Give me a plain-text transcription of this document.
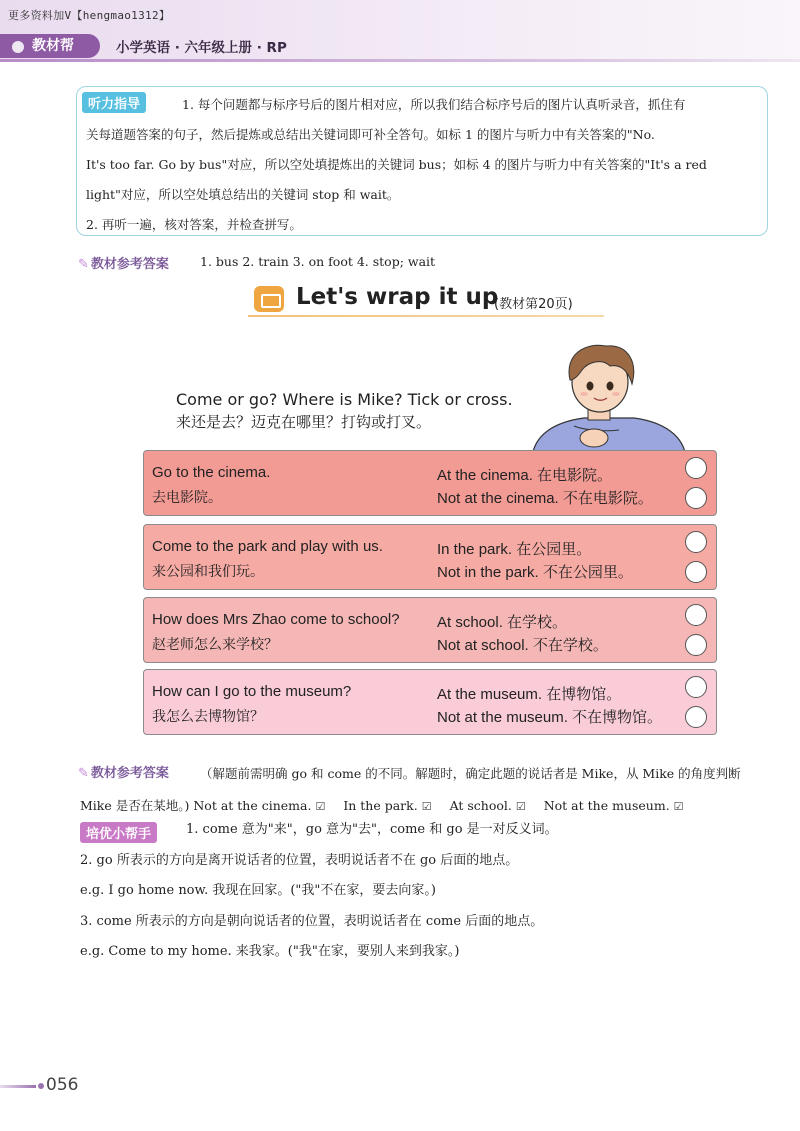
更多资料加V【hengmao1312】
教材帮	小学英语 · 六年级上册 · RP
1. 每个问题都与标序号后的图片相对应，所以我们结合标序号后的图片认真听录音，抓住有
关每道题答案的句子，然后提炼或总结出关键词即可补全答句。如标 1 的图片与听力中有关答案的"No.
It's too far. Go by bus"对应，所以空处填提炼出的关键词 bus；如标 4 的图片与听力中有关答案的"It's a red
light"对应，所以空处填总结出的关键词 stop 和 wait。
2. 再听一遍，核对答案，并检查拼写。
听力指导
✎ 教材参考答案 1. bus 2. train 3. on foot 4. stop; wait
Let's wrap it up
(教材第20页)
Come or go? Where is Mike? Tick or cross.
来还是去？迈克在哪里？打钩或打叉。
Go to the cinema.
去电影院。
At the cinema. 在电影院。
Not at the cinema. 不在电影院。
Come to the park and play with us.
来公园和我们玩。
In the park. 在公园里。
Not in the park. 不在公园里。
How does Mrs Zhao come to school?
赵老师怎么来学校？
At school. 在学校。
Not at school. 不在学校。
How can I go to the museum?
我怎么去博物馆？
At the museum. 在博物馆。
Not at the museum. 不在博物馆。
（解题前需明确 go 和 come 的不同。解题时，确定此题的说话者是 Mike，从 Mike 的角度判断
Mike 是否在某地。) Not at the cinema. ☑ In the park. ☑ At school. ☑ Not at the museum. ☑
✎ 教材参考答案
1. come 意为"来"，go 意为"去"，come 和 go 是一对反义词。
2. go 所表示的方向是离开说话者的位置，表明说话者不在 go 后面的地点。
e.g. I go home now. 我现在回家。("我"不在家，要去向家。)
3. come 所表示的方向是朝向说话者的位置，表明说话者在 come 后面的地点。
e.g. Come to my home. 来我家。("我"在家，要别人来到我家。)
培优小帮手
056
